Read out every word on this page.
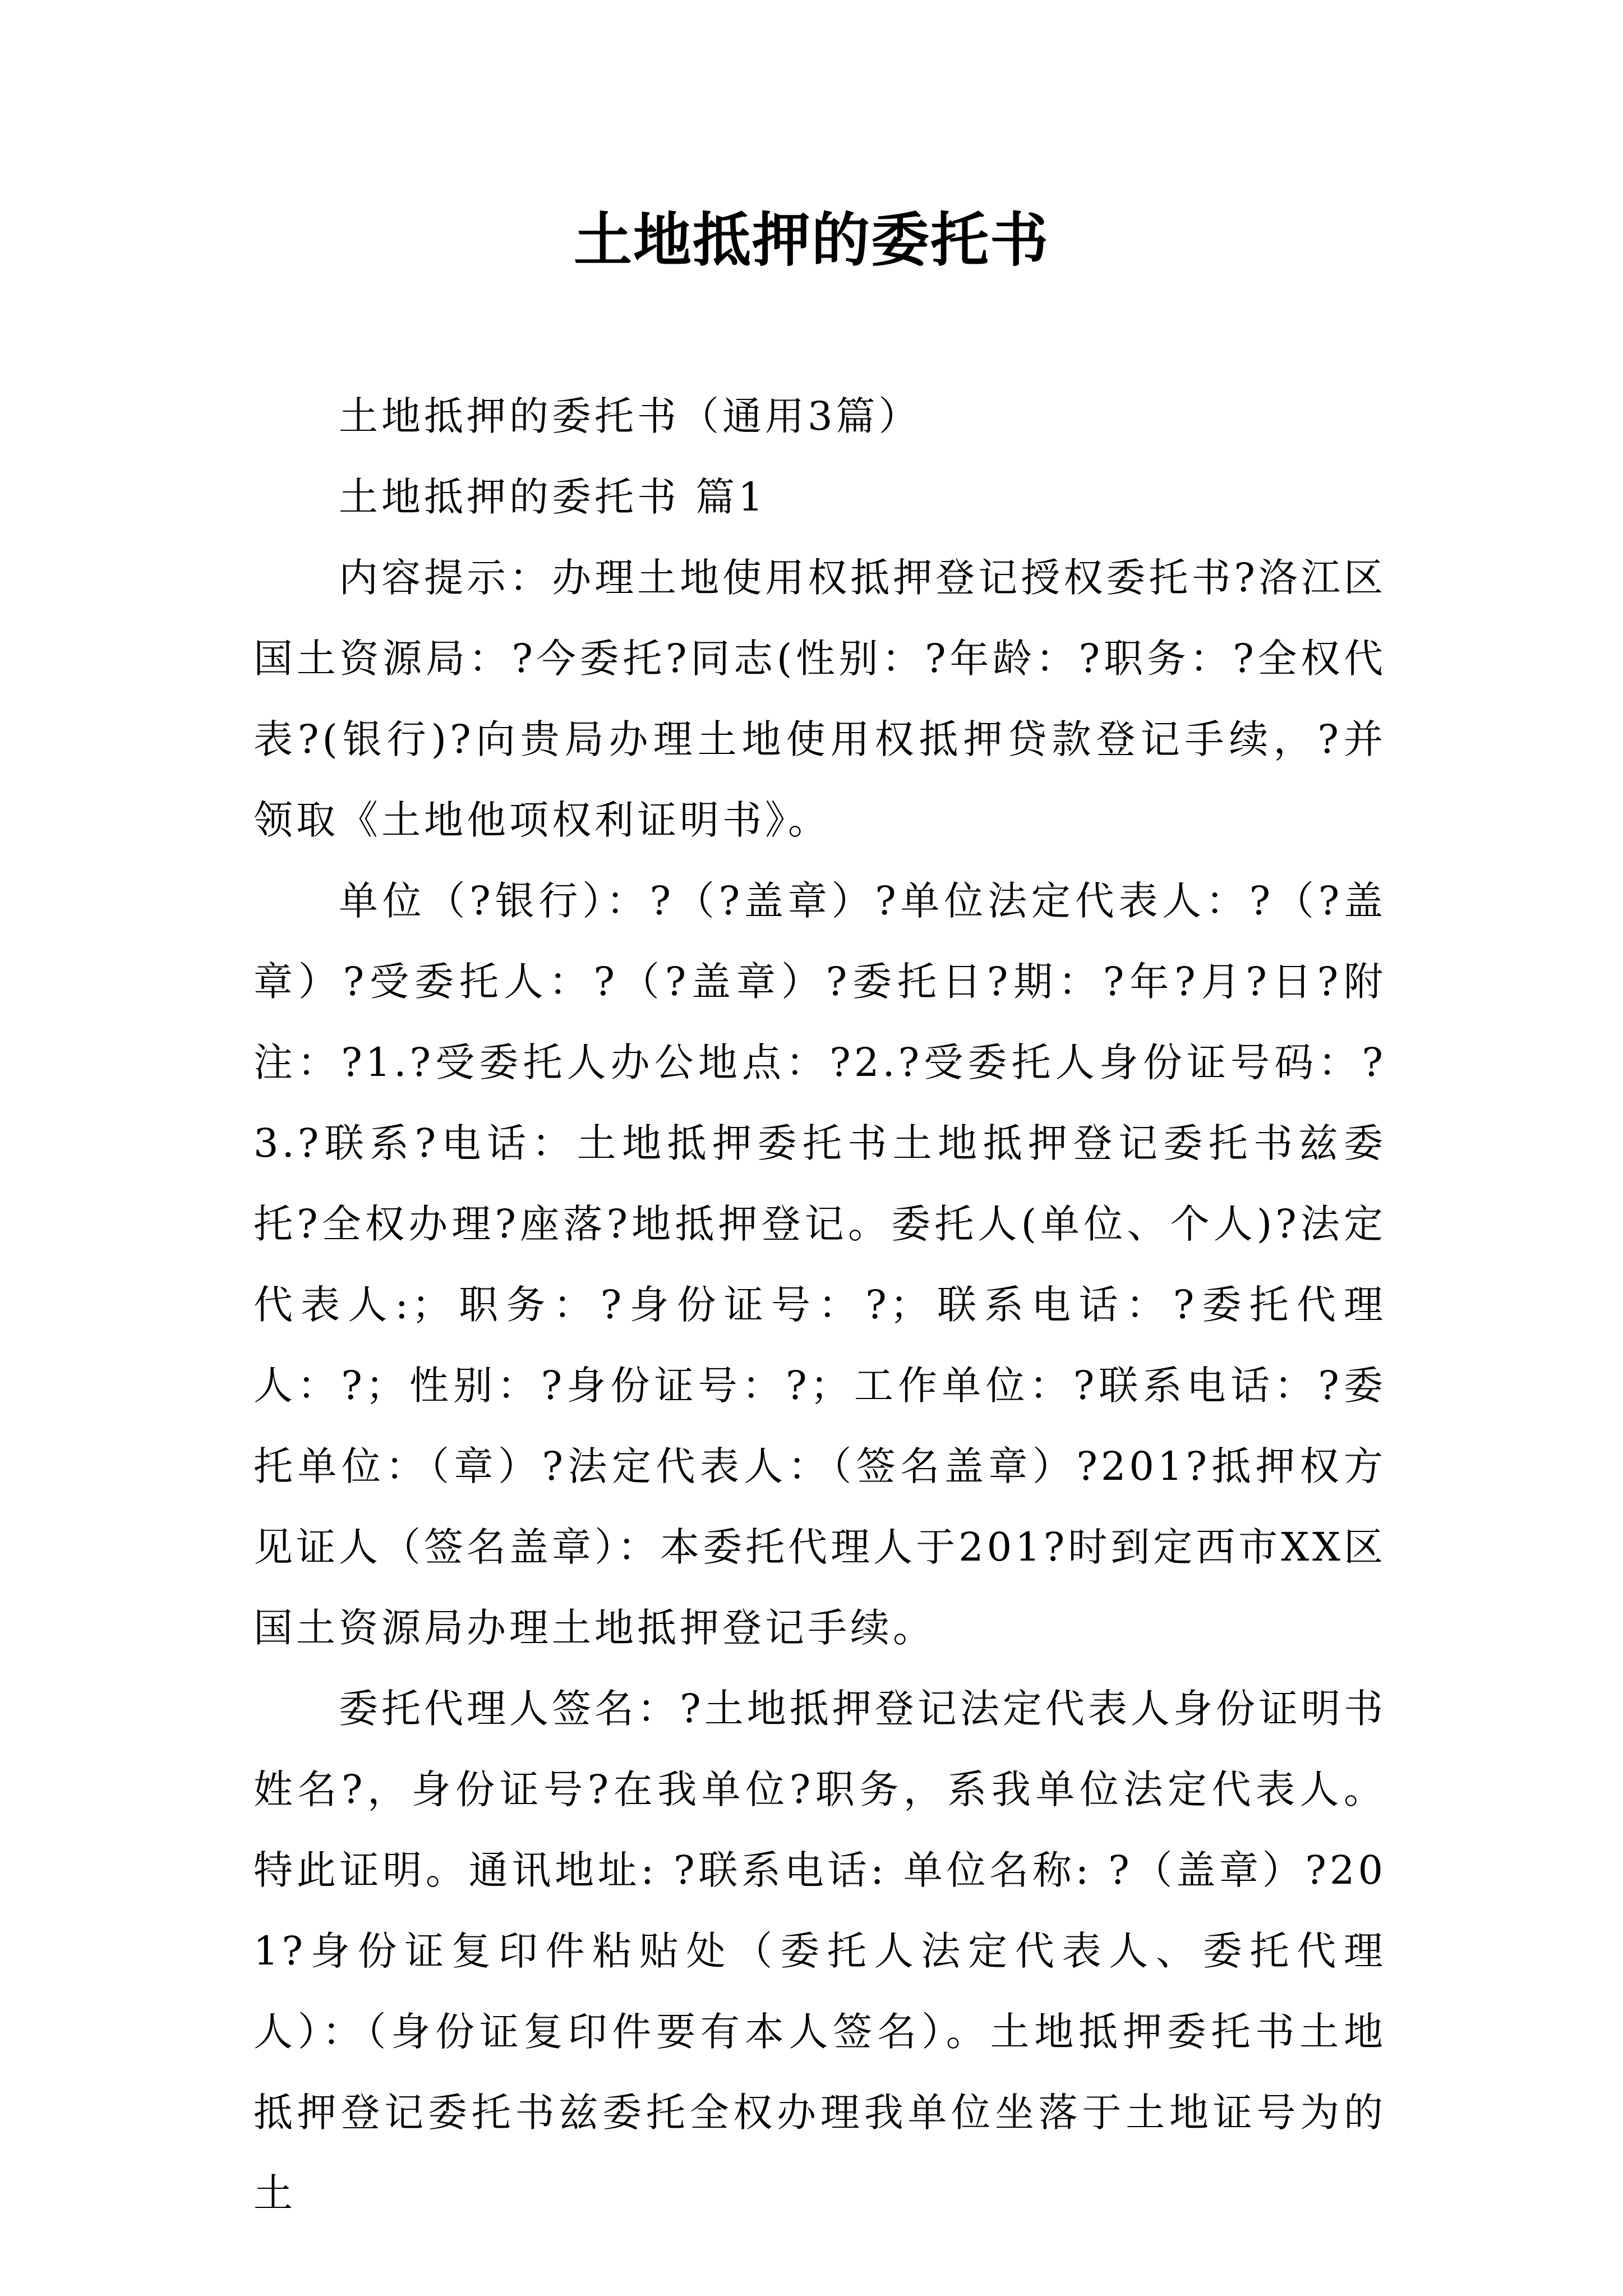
土地抵押的委托书

土地抵押的委托书（通用3篇）

土地抵押的委托书 篇1

内容提示：办理土地使用权抵押登记授权委托书?洛江区国土资源局：?今委托?同志(性别：?年龄：?职务：?全权代表?(银行)?向贵局办理土地使用权抵押贷款登记手续，?并领取《土地他项权利证明书》。

单位（?银行）：?（?盖章）?单位法定代表人：?（?盖章）?受委托人：?（?盖章）?委托日?期：?年?月?日?附注：?1.?受委托人办公地点：?2.?受委托人身份证号码：?3.?联系?电话：土地抵押委托书土地抵押登记委托书兹委托?全权办理?座落?地抵押登记。委托人(单位、个人)?法定代表人:；职务：?身份证号：?；联系电话：?委托代理人：?；性别：?身份证号：?；工作单位：?联系电话：?委托单位：（章）?法定代表人：（签名盖章）?201?抵押权方见证人（签名盖章）：本委托代理人于201?时到定西市XX区国土资源局办理土地抵押登记手续。

委托代理人签名：?土地抵押登记法定代表人身份证明书姓名?，身份证号?在我单位?职务，系我单位法定代表人。特此证明。通讯地址: ?联系电话: 单位名称: ?（盖章）?201?身份证复印件粘贴处（委托人法定代表人、委托代理人）：（身份证复印件要有本人签名）。土地抵押委托书土地抵押登记委托书兹委托全权办理我单位坐落于土地证号为的土
